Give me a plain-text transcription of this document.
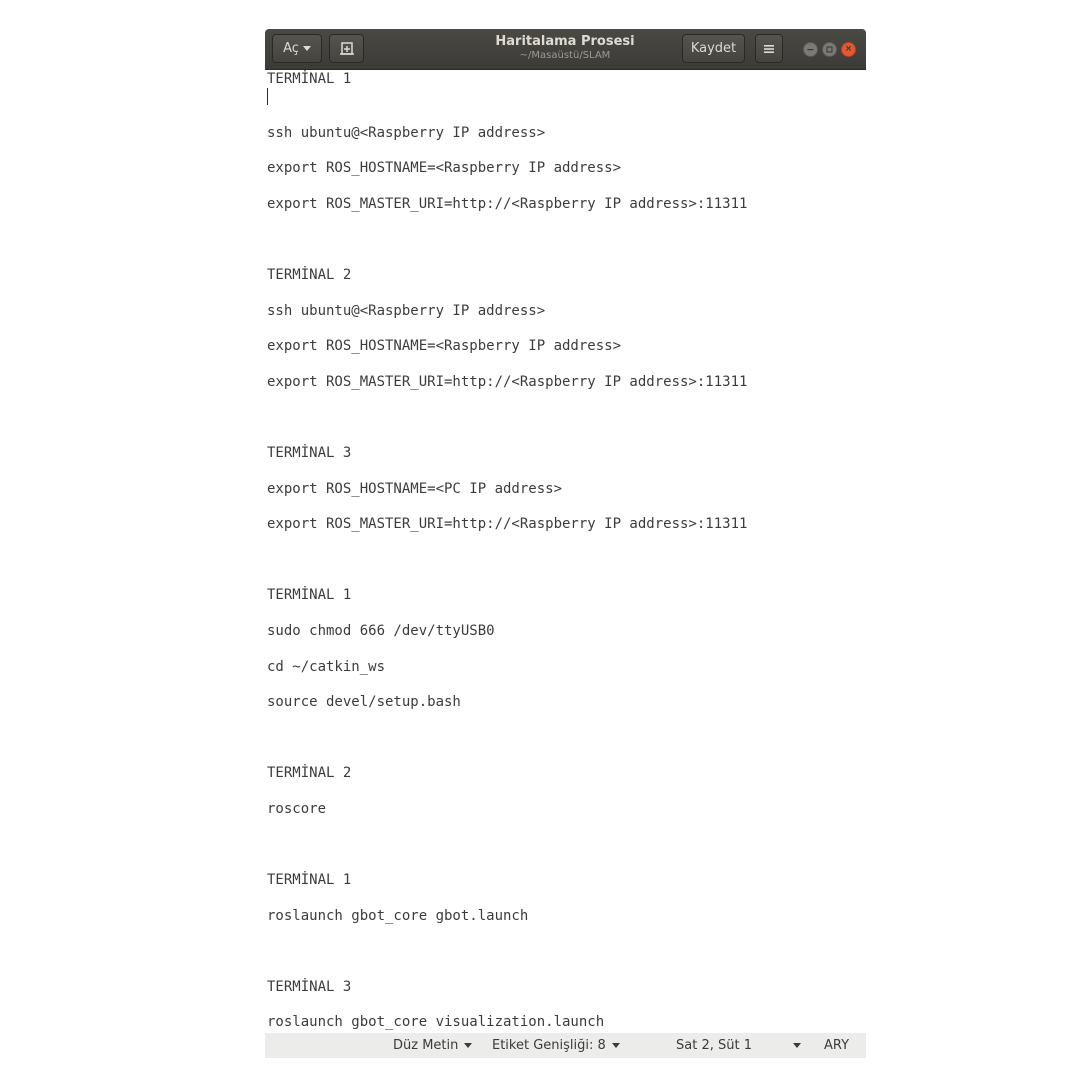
Aç	Haritalama Prosesi
~/Masaüstü/SLAM	Kaydet	×
TERMİNAL 1
ssh ubuntu@<Raspberry IP address>
export ROS_HOSTNAME=<Raspberry IP address>
export ROS_MASTER_URI=http://<Raspberry IP address>:11311
TERMİNAL 2
ssh ubuntu@<Raspberry IP address>
export ROS_HOSTNAME=<Raspberry IP address>
export ROS_MASTER_URI=http://<Raspberry IP address>:11311
TERMİNAL 3
export ROS_HOSTNAME=<PC IP address>
export ROS_MASTER_URI=http://<Raspberry IP address>:11311
TERMİNAL 1
sudo chmod 666 /dev/ttyUSB0
cd ~/catkin_ws
source devel/setup.bash
TERMİNAL 2
roscore
TERMİNAL 1
roslaunch gbot_core gbot.launch
TERMİNAL 3
roslaunch gbot_core visualization.launch
Düz Metin	Etiket Genişliği: 8	Sat 2, Süt 1	ARY
